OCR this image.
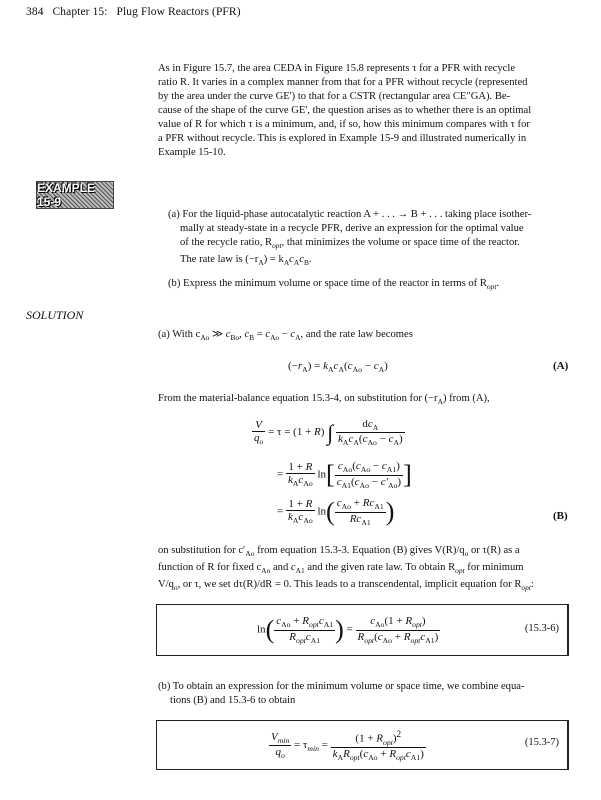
384 Chapter 15: Plug Flow Reactors (PFR)

As in Figure 15.7, the area CEDA in Figure 15.8 represents τ for a PFR with recycle

ratio R. It varies in a complex manner from that for a PFR without recycle (represented

by the area under the curve GE') to that for a CSTR (rectangular area CE"GA). Be-

cause of the shape of the curve GE', the question arises as to whether there is an optimal

value of R for which τ is a minimum, and, if so, how this minimum compares with τ for

a PFR without recycle. This is explored in Example 15-9 and illustrated numerically in

Example 15-10.

EXAMPLE 15-9

(a) For the liquid-phase autocatalytic reaction A + . . . → B + . . . taking place isother-

mally at steady-state in a recycle PFR, derive an expression for the optimal value

of the recycle ratio, $R_{opt}$, that minimizes the volume or space time of the reactor.

The rate law is $(-r_A) = k_Ac_Ac_B$.

(b) Express the minimum volume or space time of the reactor in terms of $R_{opt}$.

SOLUTION

(a) With $c_{Ao}$ ≫ $c_{Bo}$, $c_B = c_{Ao} - c_A$, and the rate law becomes

$(-r_A) = k_Ac_A(c_{Ao} - c_A)$	(A)

From the material-balance equation 15.3-4, on substitution for $(-r_A)$ from (A),

$\frac{V}{q_o} = \tau = (1 + R)$ ∫ $\frac{dc_A}{k_Ac_A(c_{Ao} - c_A)}$
= $\frac{1 + R}{k_Ac_{Ao}} \ln[ \frac{c_{Ao}(c_{Ao} - c_{A1})}{c_{A1}(c_{Ao} - c'_{Ao})}$ ]
= $\frac{1 + R}{k_Ac_{Ao}} \ln( \frac{c_{Ao} + Rc_{A1}}{Rc_{A1}}$ )	(B)

on substitution for $c'_{Ao}$ from equation 15.3-3. Equation (B) gives $V(R)/q_o$ or τ(R) as a

function of R for fixed $c_{Ao}$ and $c_{A1}$ and the given rate law. To obtain $R_{opt}$ for minimum

$V/q_o$, or τ, we set dτ(R)/dR = 0. This leads to a transcendental, implicit equation for $R_{opt}$:

$\ln( \frac{c_{Ao} + R_{opt}c_{A1}}{R_{opt}c_{A1}}$ ) = $\frac{c_{Ao}(1 + R_{opt})}{R_{opt}(c_{Ao} + R_{opt}c_{A1})}$	(15.3-6)

(b) To obtain an expression for the minimum volume or space time, we combine equa-

tions (B) and 15.3-6 to obtain

$\frac{V_{min}}{q_o} = \tau_{min} = \frac{(1 + R_{opt})^2}{k_AR_{opt}(c_{Ao} + R_{opt}c_{A1})}$	(15.3-7)
